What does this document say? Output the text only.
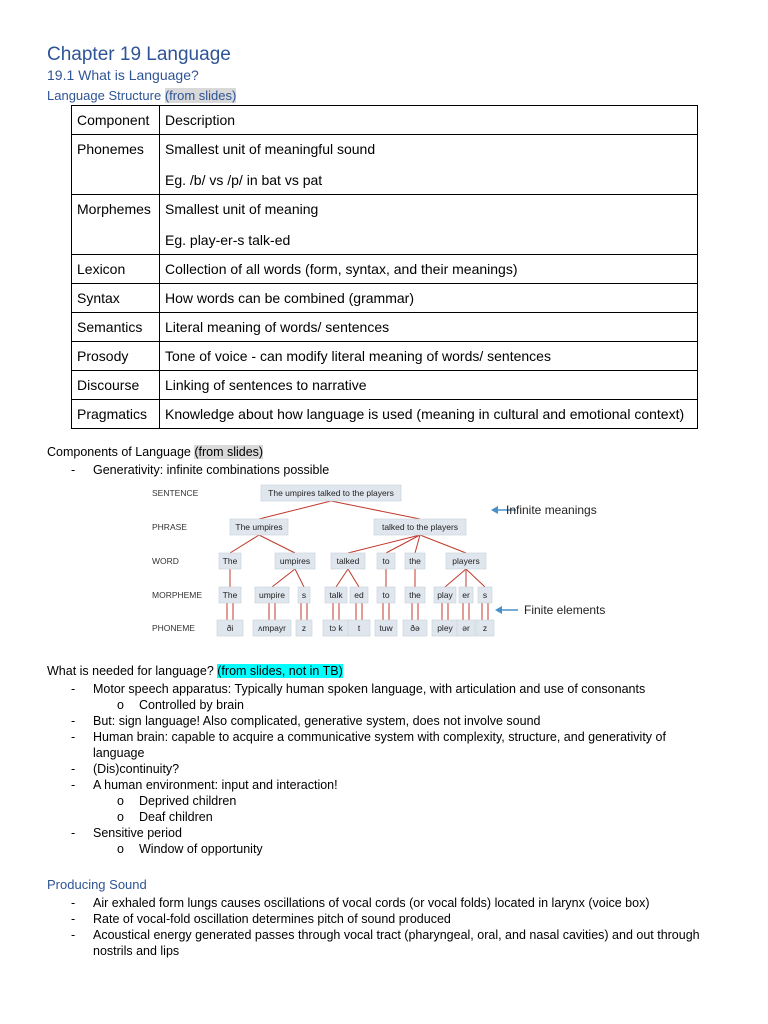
Chapter 19 Language
19.1 What is Language?
Language Structure (from slides)
Component	Description
Phonemes	Smallest unit of meaningful sound
Eg. /b/ vs /p/ in bat vs pat

Morphemes	Smallest unit of meaning
Eg. play-er-s talk-ed

Lexicon	Collection of all words (form, syntax, and their meanings)
Syntax	How words can be combined (grammar)
Semantics	Literal meaning of words/ sentences
Prosody	Tone of voice - can modify literal meaning of words/ sentences
Discourse	Linking of sentences to narrative
Pragmatics	Knowledge about how language is used (meaning in cultural and emotional context)
Components of Language (from slides)
- Generativity: infinite combinations possible
SENTENCE
PHRASE
WORD
MORPHEME
PHONEME
The umpires talked to the players
The umpires	talked to the players
The	umpires	talked	to the	players
The	umpire s	talk ed to the play er s
ði	ʌmpayr z	tɔ k t tuw ðə pley ər z
Infinite meanings
Finite elements
What is needed for language? (from slides, not in TB)
- Motor speech apparatus: Typically human spoken language, with articulation and use of consonants
o Controlled by brain
- But: sign language! Also complicated, generative system, does not involve sound
- Human brain: capable to acquire a communicative system with complexity, structure, and generativity of
language
- (Dis)continuity?
- A human environment: input and interaction!
o Deprived children
o Deaf children
- Sensitive period
o Window of opportunity
Producing Sound
- Air exhaled form lungs causes oscillations of vocal cords (or vocal folds) located in larynx (voice box)
- Rate of vocal-fold oscillation determines pitch of sound produced
- Acoustical energy generated passes through vocal tract (pharyngeal, oral, and nasal cavities) and out through
nostrils and lips
